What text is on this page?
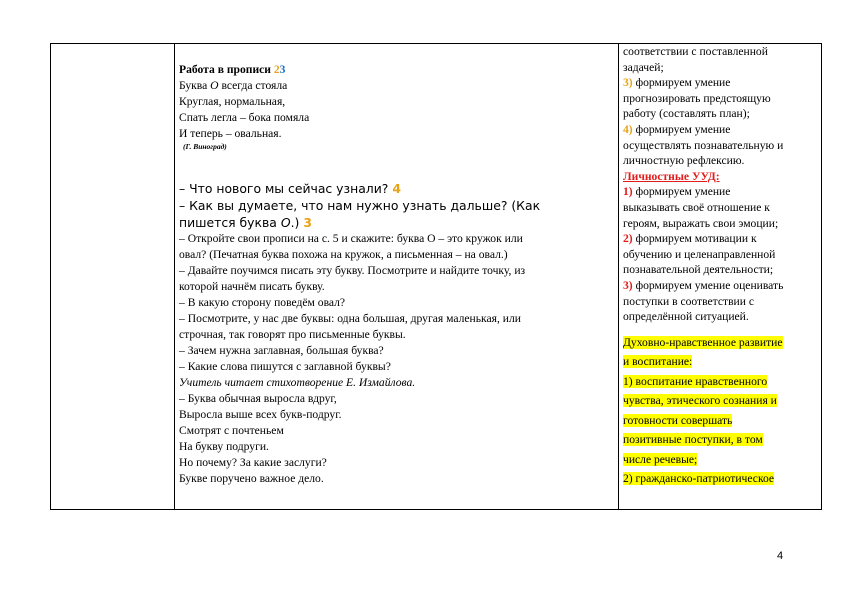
Работа в прописи 23
Буква О всегда стояла
Круглая, нормальная,
Спать легла – бока помяла
И теперь – овальная.
(Г. Виноград)
– Что нового мы сейчас узнали? 4
– Как вы думаете, что нам нужно узнать дальше? (Как
пишется буква О.) 3
– Откройте свои прописи на с. 5 и скажите: буква О – это кружок или
овал? (Печатная буква похожа на кружок, а письменная – на овал.)
– Давайте поучимся писать эту букву. Посмотрите и найдите точку, из
которой начнём писать букву.
– В какую сторону поведём овал?
– Посмотрите, у нас две буквы: одна большая, другая маленькая, или
строчная, так говорят про письменные буквы.
– Зачем нужна заглавная, большая буква?
– Какие слова пишутся с заглавной буквы?
Учитель читает стихотворение Е. Измайлова.
– Буква обычная выросла вдруг,
Выросла выше всех букв-подруг.
Смотрят с почтеньем
На букву подруги.
Но почему? За какие заслуги?
Букве поручено важное дело.
соответствии с поставленной
задачей;
3) формируем умение
прогнозировать предстоящую
работу (составлять план);
4) формируем умение
осуществлять познавательную и
личностную рефлексию.
Личностные УУД:
1) формируем умение
выказывать своё отношение к
героям, выражать свои эмоции;
2) формируем мотивации к
обучению и целенаправленной
познавательной деятельности;
3) формируем умение оценивать
поступки в соответствии с
определённой ситуацией.
Духовно-нравственное развитие
и воспитание:
1) воспитание нравственного
чувства, этического сознания и
готовности совершать
позитивные поступки, в том
числе речевые;
2) гражданско-патриотическое
4
